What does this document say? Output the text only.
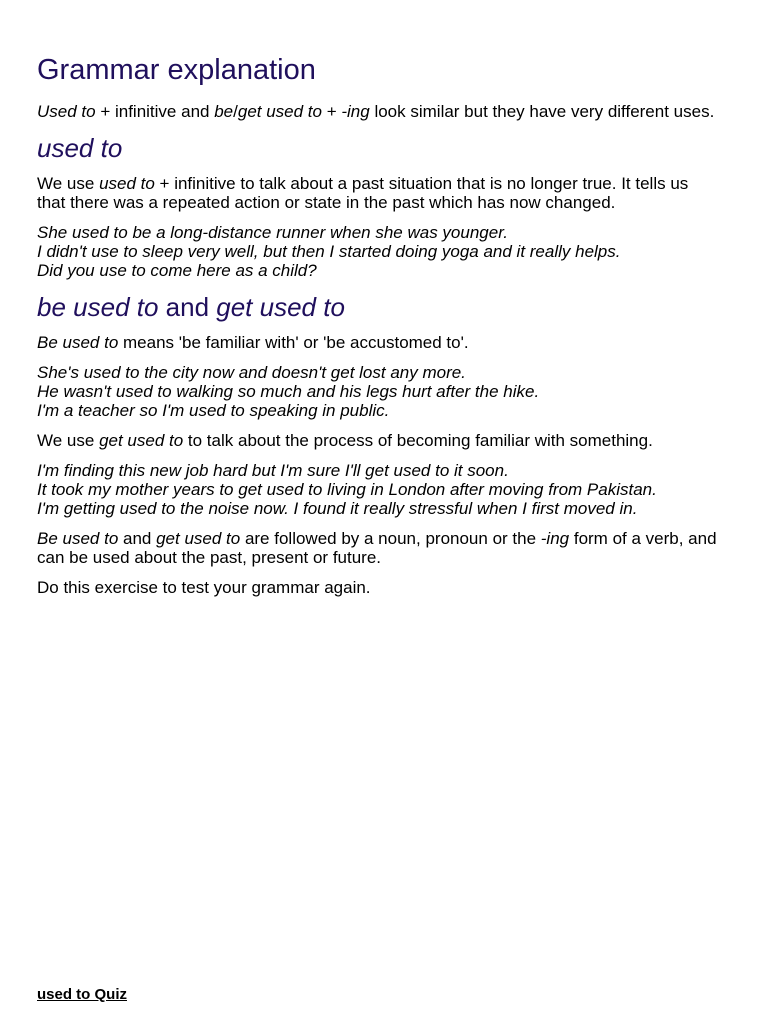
Grammar explanation

Used to + infinitive and be/get used to + -ing look similar but they have very different uses.

used to

We use used to + infinitive to talk about a past situation that is no longer true. It tells us that there was a repeated action or state in the past which has now changed.

She used to be a long-distance runner when she was younger.

I didn't use to sleep very well, but then I started doing yoga and it really helps.

Did you use to come here as a child?

be used to and get used to

Be used to means 'be familiar with' or 'be accustomed to'.

She's used to the city now and doesn't get lost any more.

He wasn't used to walking so much and his legs hurt after the hike.

I'm a teacher so I'm used to speaking in public.

We use get used to to talk about the process of becoming familiar with something.

I'm finding this new job hard but I'm sure I'll get used to it soon.

It took my mother years to get used to living in London after moving from Pakistan.

I'm getting used to the noise now. I found it really stressful when I first moved in.

Be used to and get used to are followed by a noun, pronoun or the -ing form of a verb, and can be used about the past, present or future.

Do this exercise to test your grammar again.

used to Quiz
